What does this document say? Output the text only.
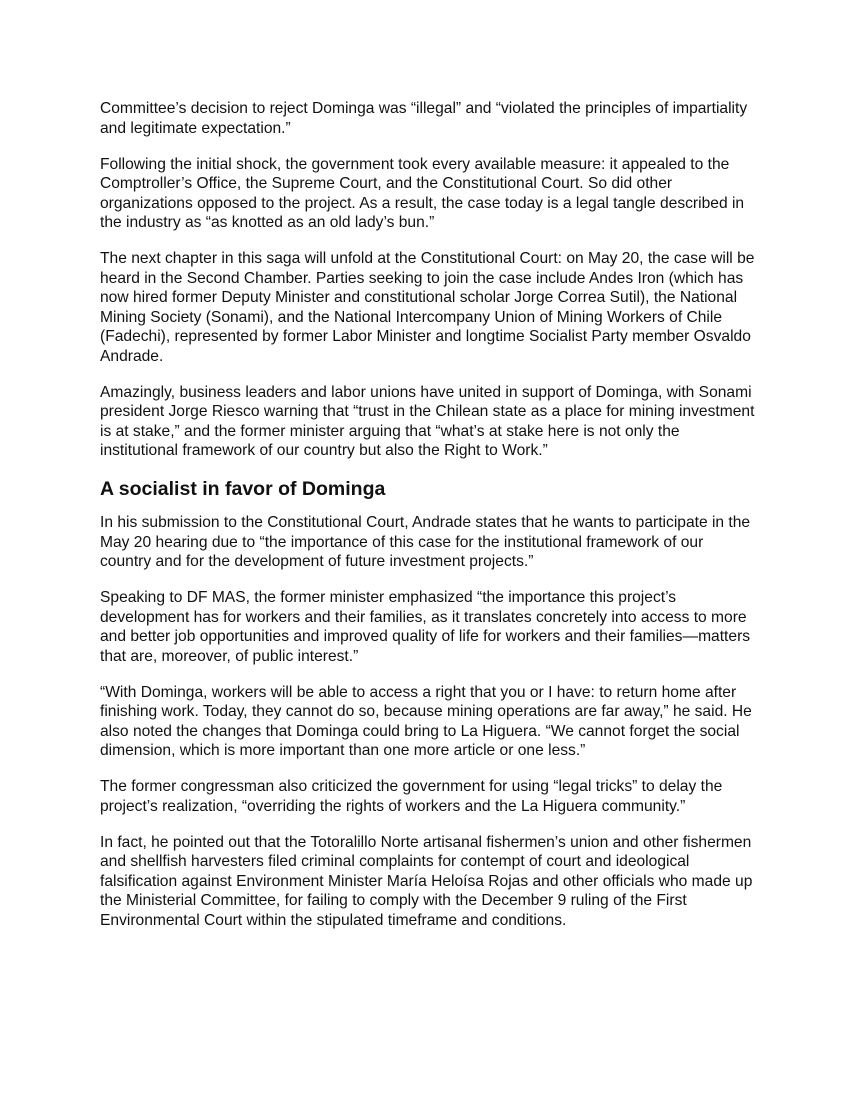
Committee’s decision to reject Dominga was “illegal” and “violated the principles of impartiality and legitimate expectation.”

Following the initial shock, the government took every available measure: it appealed to the Comptroller’s Office, the Supreme Court, and the Constitutional Court. So did other organizations opposed to the project. As a result, the case today is a legal tangle described in the industry as “as knotted as an old lady’s bun.”

The next chapter in this saga will unfold at the Constitutional Court: on May 20, the case will be heard in the Second Chamber. Parties seeking to join the case include Andes Iron (which has now hired former Deputy Minister and constitutional scholar Jorge Correa Sutil), the National Mining Society (Sonami), and the National Intercompany Union of Mining Workers of Chile (Fadechi), represented by former Labor Minister and longtime Socialist Party member Osvaldo Andrade.

Amazingly, business leaders and labor unions have united in support of Dominga, with Sonami president Jorge Riesco warning that “trust in the Chilean state as a place for mining investment is at stake,” and the former minister arguing that “what’s at stake here is not only the institutional framework of our country but also the Right to Work.”

A socialist in favor of Dominga

In his submission to the Constitutional Court, Andrade states that he wants to participate in the May 20 hearing due to “the importance of this case for the institutional framework of our country and for the development of future investment projects.”

Speaking to DF MAS, the former minister emphasized “the importance this project’s development has for workers and their families, as it translates concretely into access to more and better job opportunities and improved quality of life for workers and their families—matters that are, moreover, of public interest.”

“With Dominga, workers will be able to access a right that you or I have: to return home after finishing work. Today, they cannot do so, because mining operations are far away,” he said. He also noted the changes that Dominga could bring to La Higuera. “We cannot forget the social dimension, which is more important than one more article or one less.”

The former congressman also criticized the government for using “legal tricks” to delay the project’s realization, “overriding the rights of workers and the La Higuera community.”

In fact, he pointed out that the Totoralillo Norte artisanal fishermen’s union and other fishermen and shellfish harvesters filed criminal complaints for contempt of court and ideological falsification against Environment Minister María Heloísa Rojas and other officials who made up the Ministerial Committee, for failing to comply with the December 9 ruling of the First Environmental Court within the stipulated timeframe and conditions.
